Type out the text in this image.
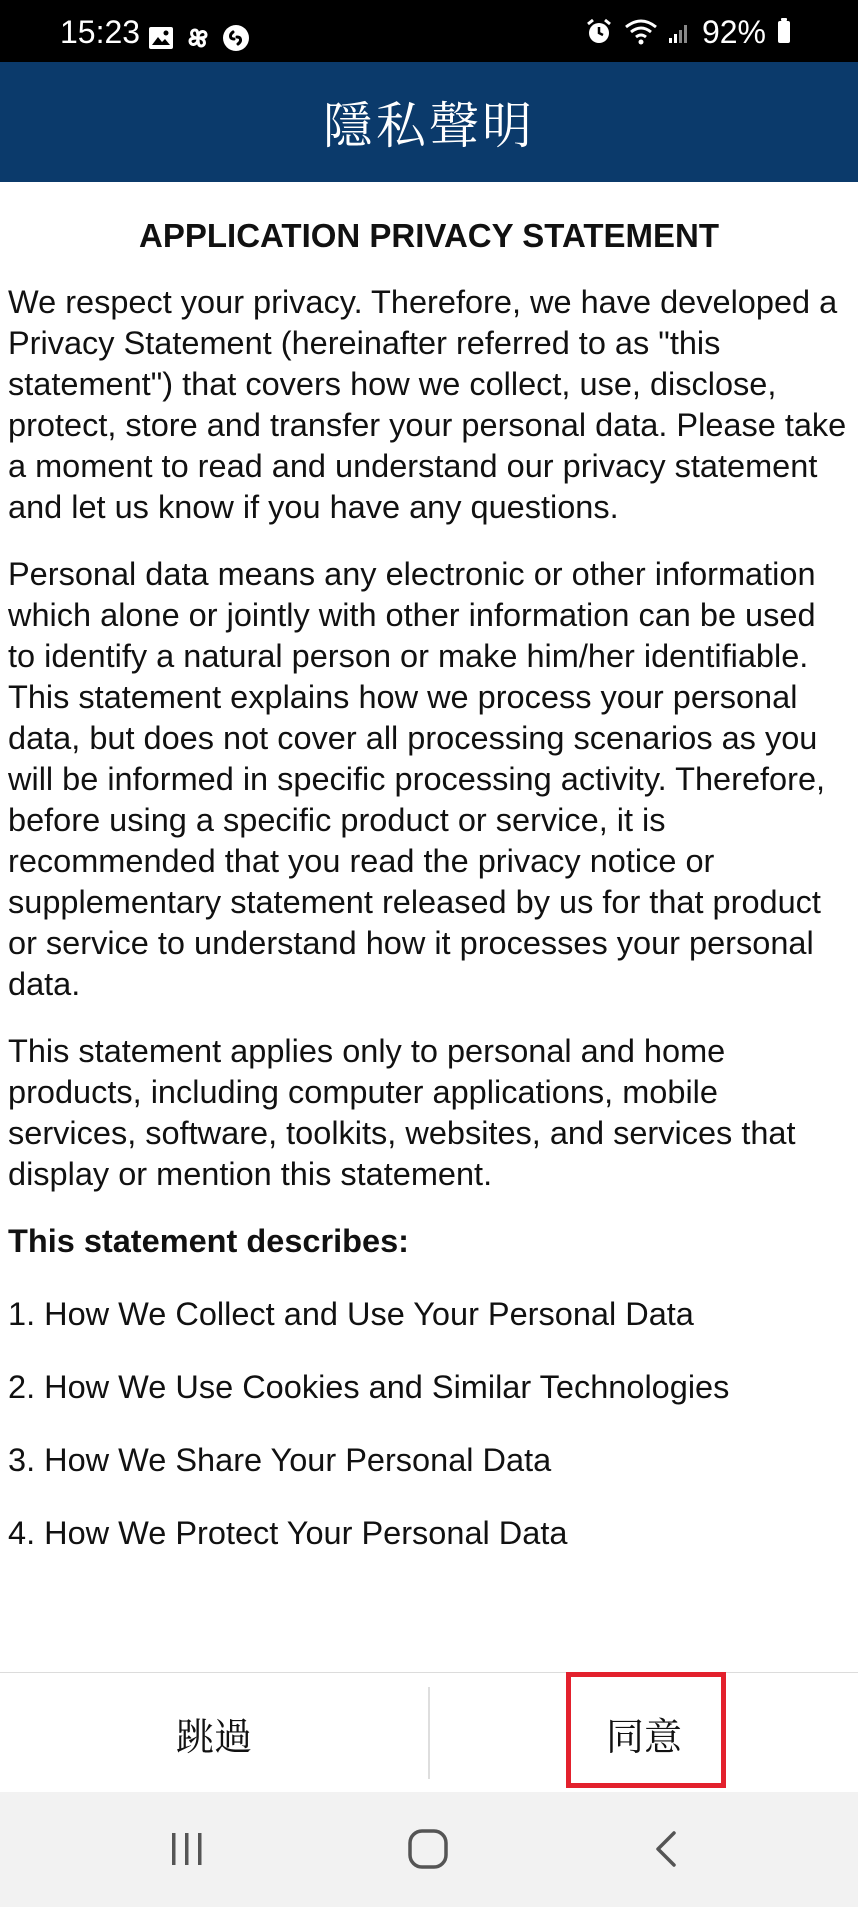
15:23	92%
隱私聲明
APPLICATION PRIVACY STATEMENT

We respect your privacy. Therefore, we have developed a Privacy Statement (hereinafter referred to as "this statement") that covers how we collect, use, disclose, protect, store and transfer your personal data. Please take a moment to read and understand our privacy statement and let us know if you have any questions.

Personal data means any electronic or other information which alone or jointly with other information can be used to identify a natural person or make him/her identifiable. This statement explains how we process your personal data, but does not cover all processing scenarios as you will be informed in specific processing activity. Therefore, before using a specific product or service, it is recommended that you read the privacy notice or supplementary statement released by us for that product or service to understand how it processes your personal data.

This statement applies only to personal and home products, including computer applications, mobile services, software, toolkits, websites, and services that display or mention this statement.

This statement describes:

1. How We Collect and Use Your Personal Data
2. How We Use Cookies and Similar Technologies
3. How We Share Your Personal Data
4. How We Protect Your Personal Data
跳過	同意
